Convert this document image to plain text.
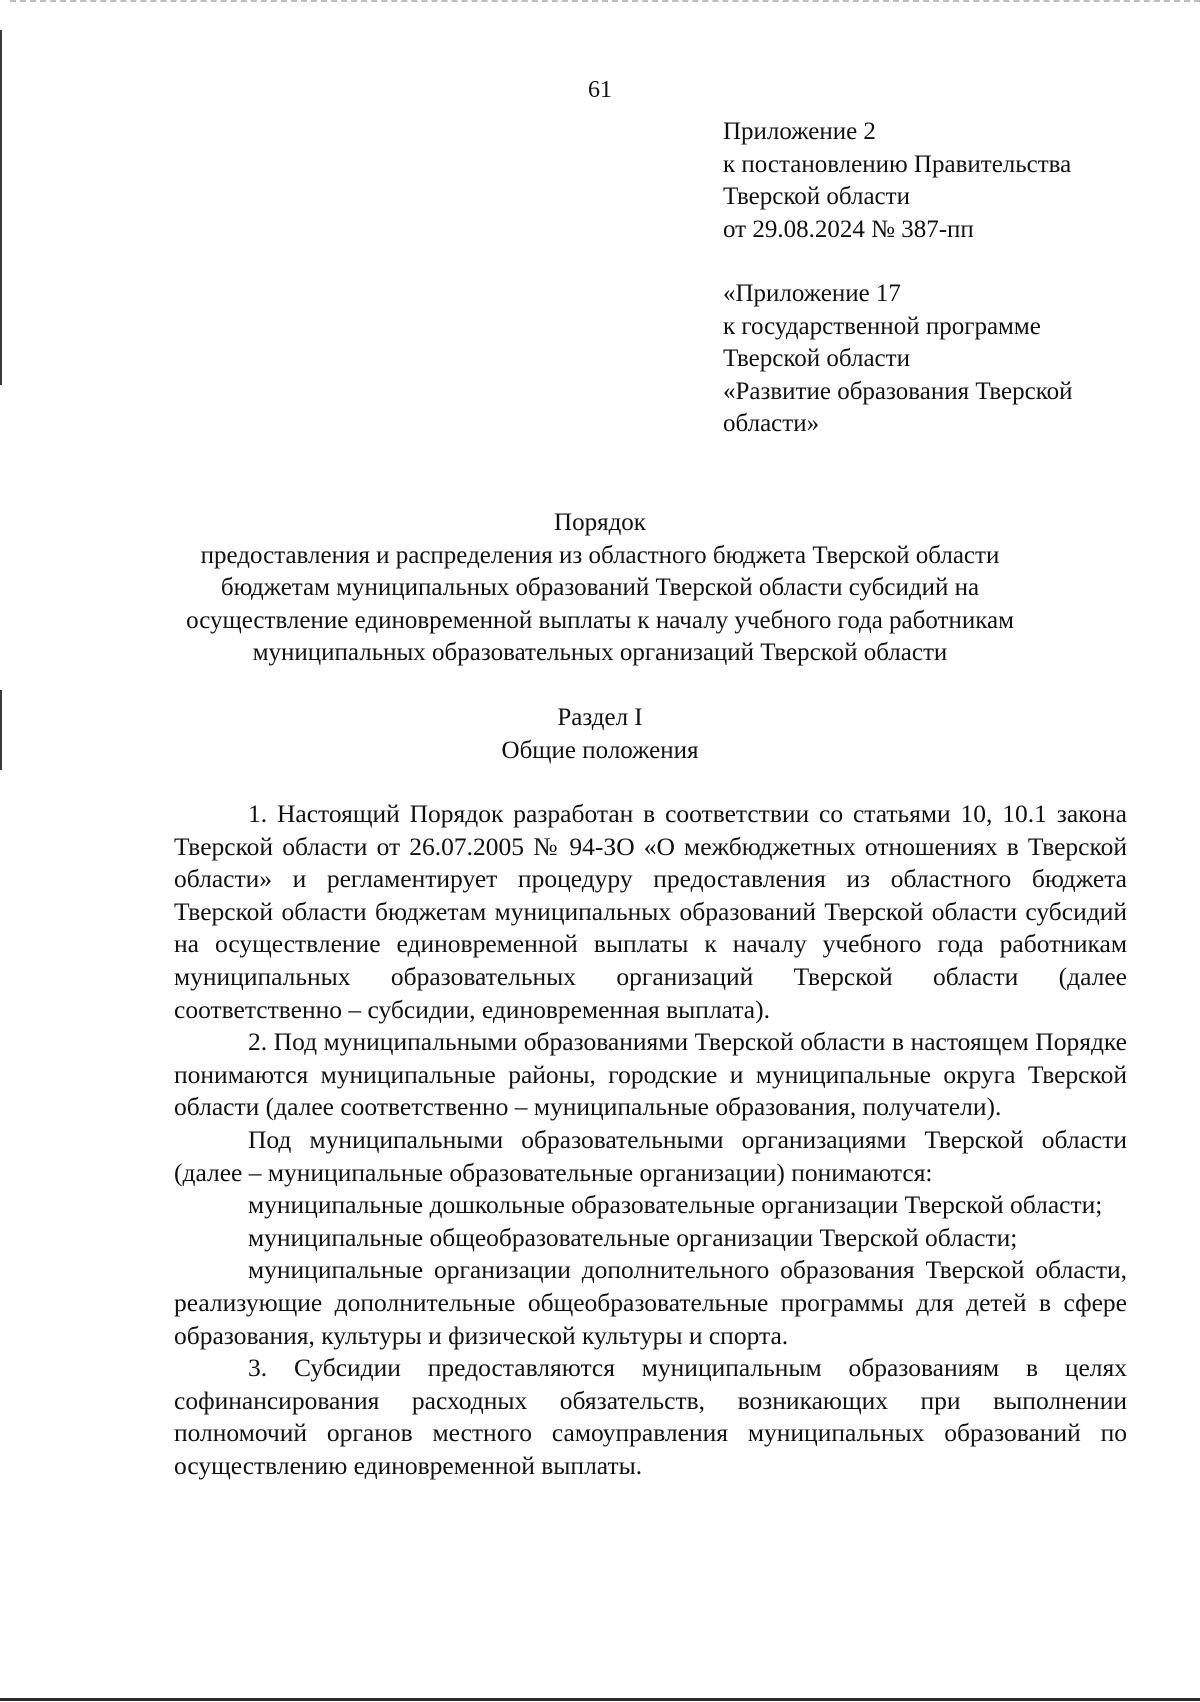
61

Приложение 2

к постановлению Правительства

Тверской области

от 29.08.2024 № 387-пп

«Приложение 17

к государственной программе

Тверской области

«Развитие образования Тверской

области»

Порядок

предоставления и распределения из областного бюджета Тверской области

бюджетам муниципальных образований Тверской области субсидий на

осуществление единовременной выплаты к началу учебного года работникам

муниципальных образовательных организаций Тверской области

Раздел I

Общие положения

1. Настоящий Порядок разработан в соответствии со статьями 10, 10.1 закона Тверской области от 26.07.2005 № 94-ЗО «О межбюджетных отношениях в Тверской области» и регламентирует процедуру предоставления из областного бюджета Тверской области бюджетам муниципальных образований Тверской области субсидий на осуществление единовременной выплаты к началу учебного года работникам муниципальных образовательных организаций Тверской области (далее соответственно – субсидии, единовременная выплата).

2. Под муниципальными образованиями Тверской области в настоящем Порядке понимаются муниципальные районы, городские и муниципальные округа Тверской области (далее соответственно – муниципальные образования, получатели).

Под муниципальными образовательными организациями Тверской области (далее – муниципальные образовательные организации) понимаются:

муниципальные дошкольные образовательные организации Тверской области;

муниципальные общеобразовательные организации Тверской области;

муниципальные организации дополнительного образования Тверской области, реализующие дополнительные общеобразовательные программы для детей в сфере образования, культуры и физической культуры и спорта.

3. Субсидии предоставляются муниципальным образованиям в целях софинансирования расходных обязательств, возникающих при выполнении полномочий органов местного самоуправления муниципальных образований по осуществлению единовременной выплаты.
